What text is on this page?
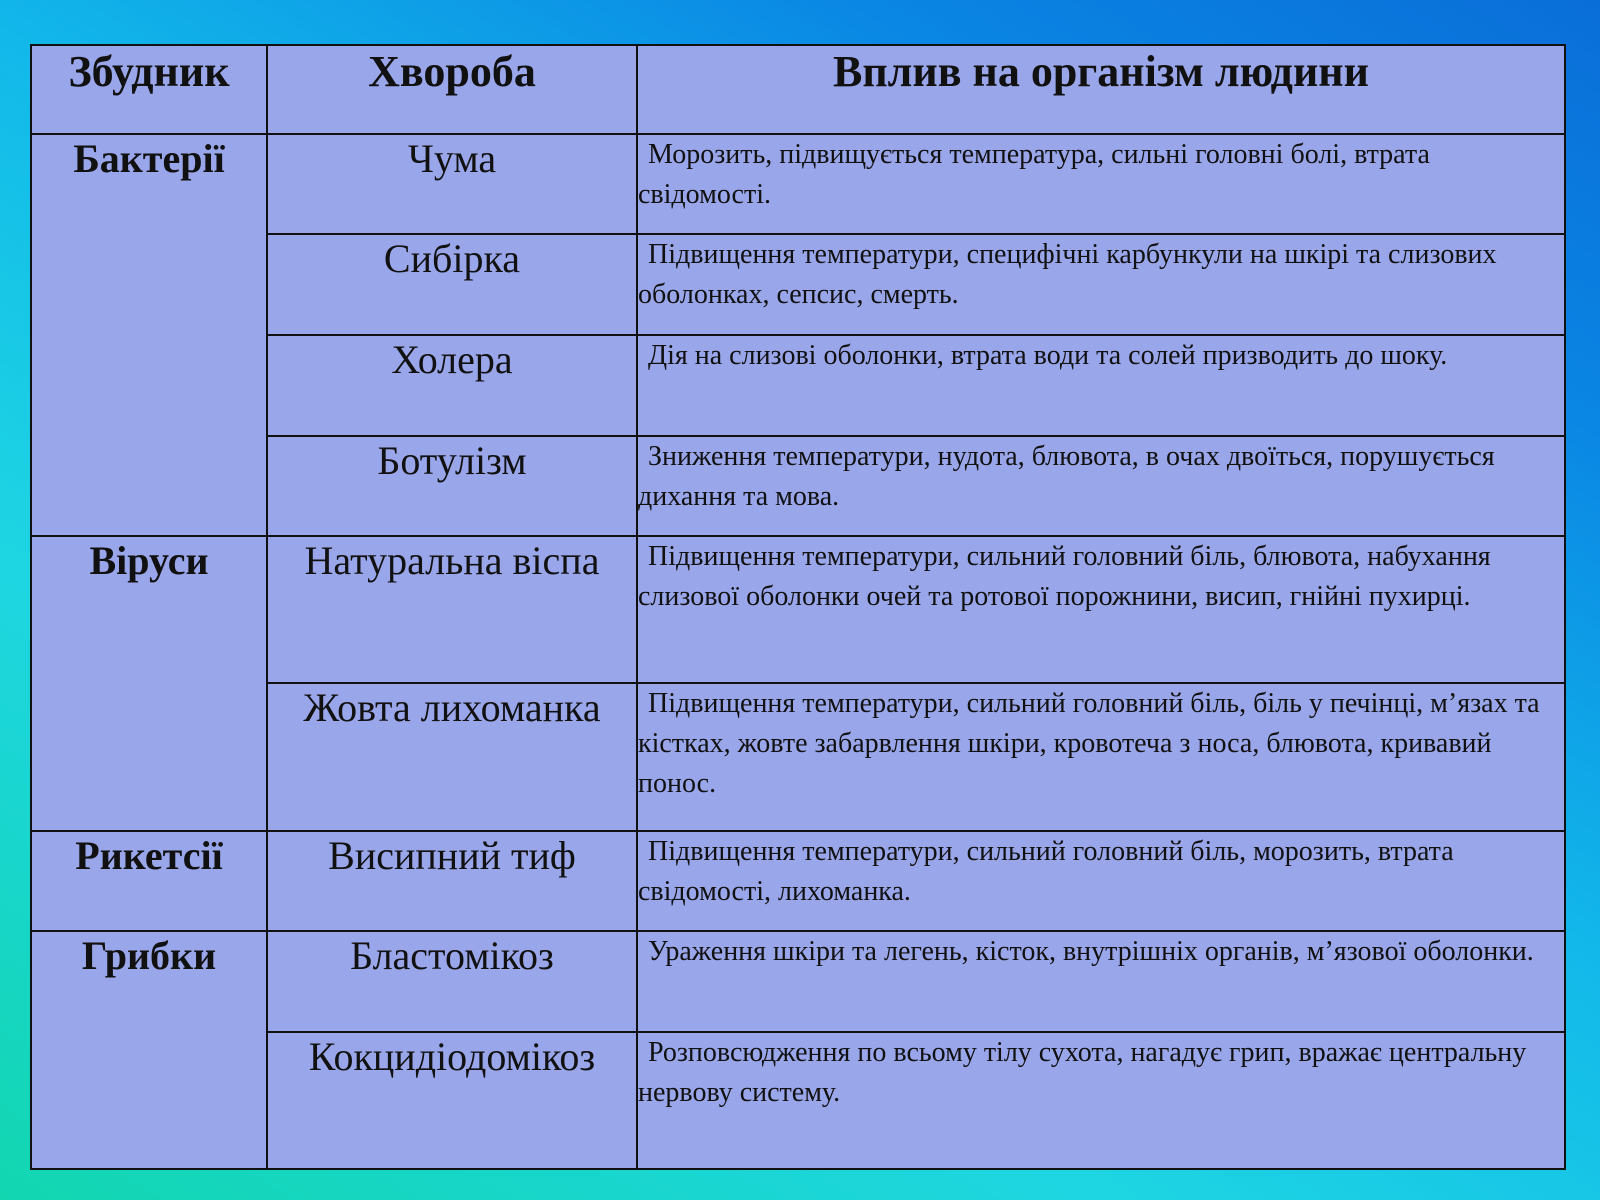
Збудник	Хвороба	Вплив на організм людини
Бактерії	Чума	Морозить, підвищується температура, сильні головні болі, втрата свідомості.
	Сибірка	Підвищення температури, специфічні карбункули на шкірі та слизових оболонках, сепсис, смерть.
	Холера	Дія на слизові оболонки, втрата води та солей призводить до шоку.
	Ботулізм	Зниження температури, нудота, блювота, в очах двоїться, порушується дихання та мова.
Віруси	Натуральна віспа	Підвищення температури, сильний головний біль, блювота, набухання слизової оболонки очей та ротової порожнини, висип, гнійні пухирці.
	Жовта лихоманка	Підвищення температури, сильний головний біль, біль у печінці, м’язах та кістках, жовте забарвлення шкіри, кровотеча з носа, блювота, кривавий понос.
Рикетсії	Висипний тиф	Підвищення температури, сильний головний біль, морозить, втрата свідомості, лихоманка.
Грибки	Бластомікоз	Ураження шкіри та легень, кісток, внутрішніх органів, м’язової оболонки.
	Кокцидіодомікоз	Розповсюдження по всьому тілу сухота, нагадує грип, вражає центральну нервову систему.
